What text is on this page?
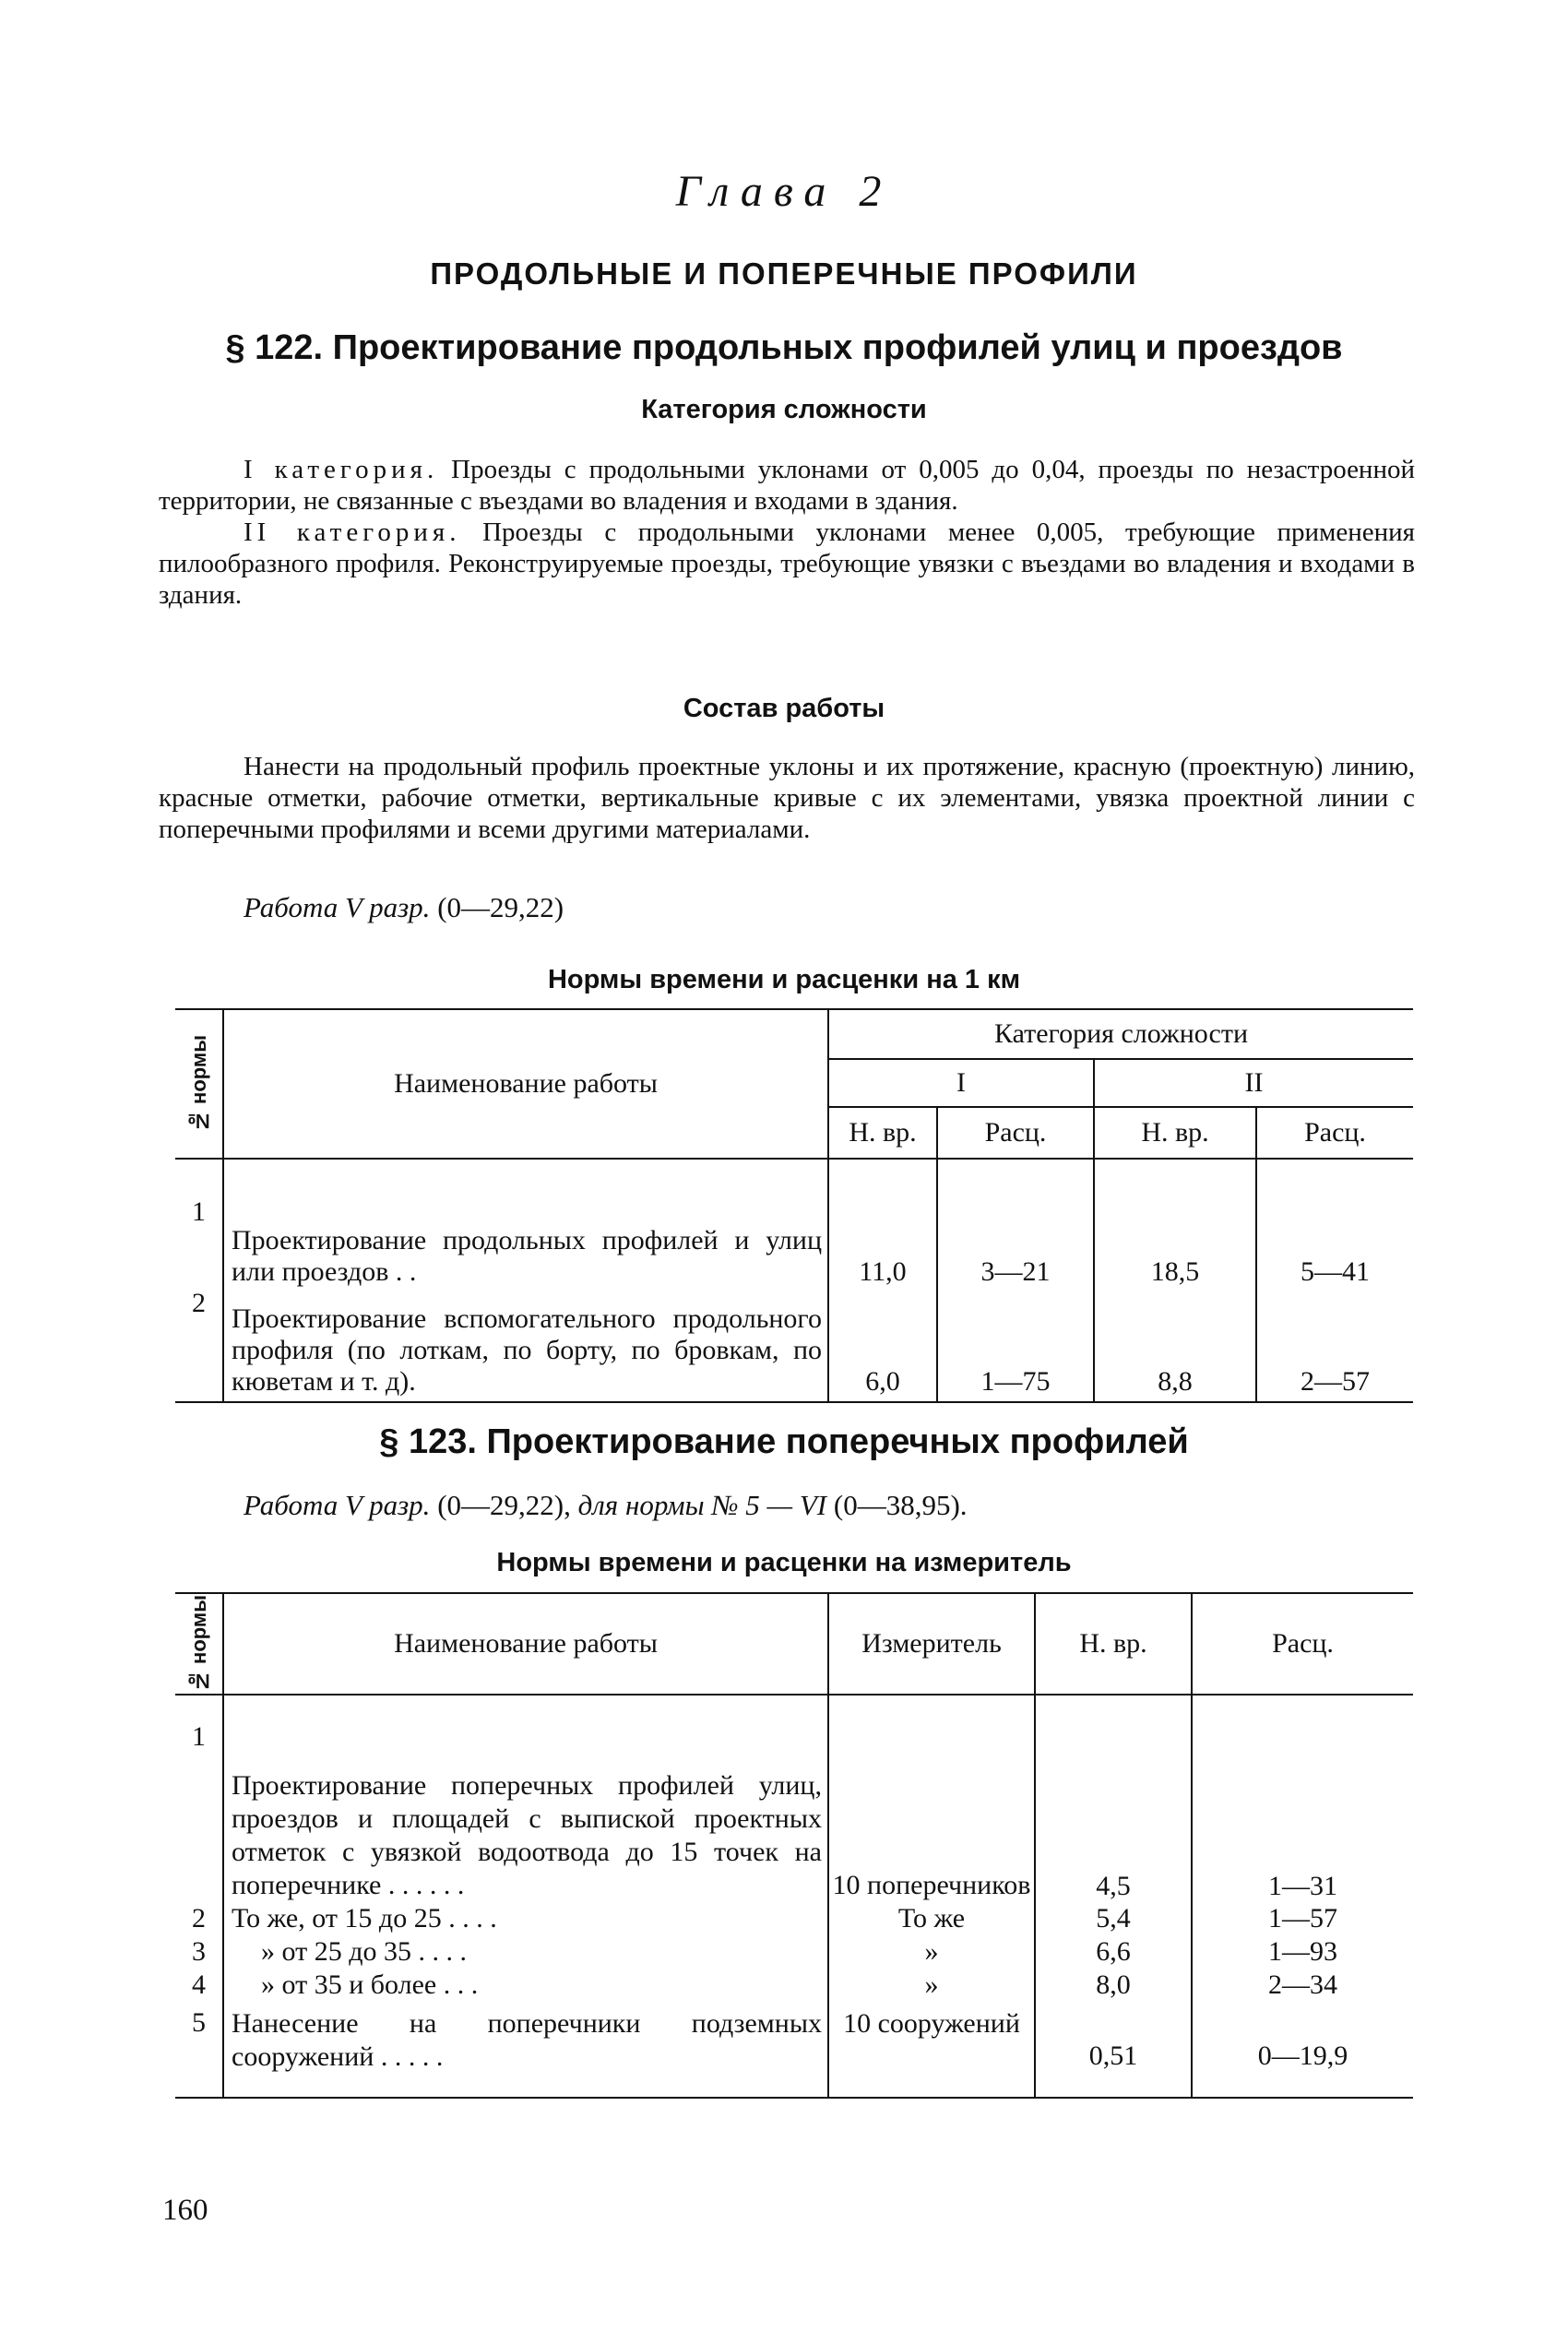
Глава 2
ПРОДОЛЬНЫЕ И ПОПЕРЕЧНЫЕ ПРОФИЛИ
§ 122. Проектирование продольных профилей улиц и проездов
Категория сложности

I категория. Проезды с продольными уклонами от 0,005 до 0,04, проезды по незастроенной территории, не связанные с въездами во владения и входами в здания.

II категория. Проезды с продольными уклонами менее 0,005, требующие применения пилообразного профиля. Реконструируемые проезды, требующие увязки с въездами во владения и входами в здания.

Состав работы

Нанести на продольный профиль проектные уклоны и их протяжение, красную (проектную) линию, красные отметки, рабочие отметки, вертикальные кривые с их элементами, увязка проектной линии с поперечными профилями и всеми другими материалами.

Работа V разр. (0—29,22)
Нормы времени и расценки на 1 км
№ нормы	Наименование работы	Категория сложности			
		I		II	
		Н. вр.	Расц.	Н. вр.	Расц.
1	Проектирование продольных профилей и улиц или проездов . .	11,0	3—21	18,5	5—41
2	Проектирование вспомогательного продольного профиля (по лоткам, по борту, по бровкам, по кюветам и т. д).	6,0	1—75	8,8	2—57
§ 123. Проектирование поперечных профилей
Работа V разр. (0—29,22), для нормы № 5 — VI (0—38,95).
Нормы времени и расценки на измеритель
№ нормы	Наименование работы	Измеритель	Н. вр.	Расц.
1	Проектирование поперечных профилей улиц, проездов и площадей с выпиской проектных отметок с увязкой водоотвода до 15 точек на поперечнике . . . . . .	10 поперечников	4,5	1—31
2	То же, от 15 до 25 . . . .	То же	5,4	1—57
3	» от 25 до 35 . . . .	»	6,6	1—93
4	» от 35 и более . . .	»	8,0	2—34
5	Нанесение на поперечники подземных сооружений . . . . .	10 сооружений	0,51	0—19,9
160
